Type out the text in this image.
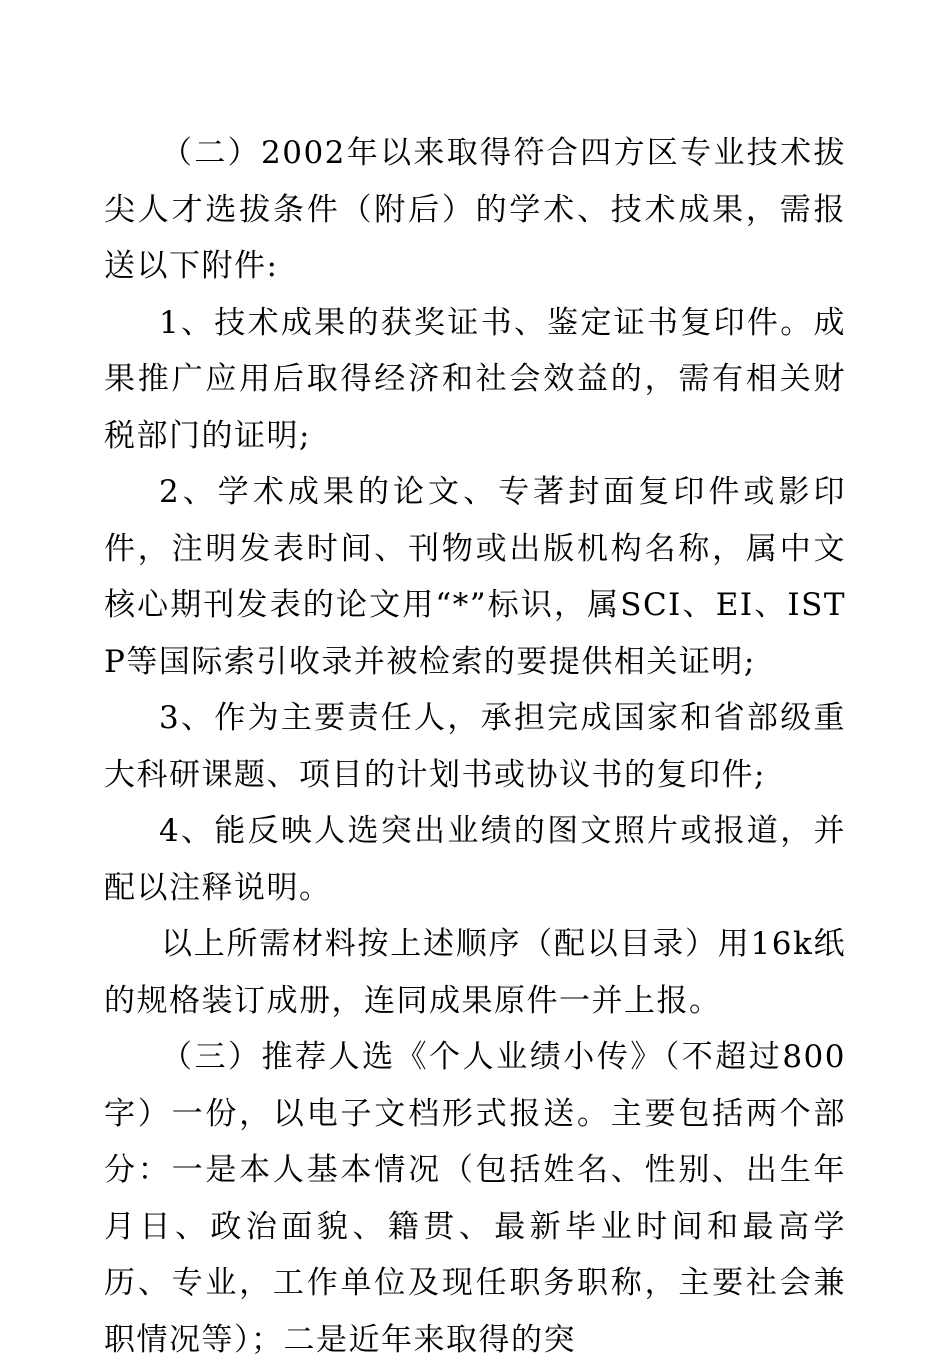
（二）2002年以来取得符合四方区专业技术拔尖人才选拔条件（附后）的学术、技术成果，需报送以下附件:

1、技术成果的获奖证书、鉴定证书复印件。成果推广应用后取得经济和社会效益的，需有相关财税部门的证明;

2、学术成果的论文、专著封面复印件或影印件，注明发表时间、刊物或出版机构名称，属中文核心期刊发表的论文用“*”标识，属SCI、EI、ISTP等国际索引收录并被检索的要提供相关证明;

3、作为主要责任人，承担完成国家和省部级重大科研课题、项目的计划书或协议书的复印件;

4、能反映人选突出业绩的图文照片或报道，并配以注释说明。

以上所需材料按上述顺序（配以目录）用16k纸的规格装订成册，连同成果原件一并上报。

（三）推荐人选《个人业绩小传》（不超过800字）一份，以电子文档形式报送。主要包括两个部分：一是本人基本情况（包括姓名、性别、出生年月日、政治面貌、籍贯、最新毕业时间和最高学历、专业，工作单位及现任职务职称，主要社会兼职情况等）；二是近年来取得的突
